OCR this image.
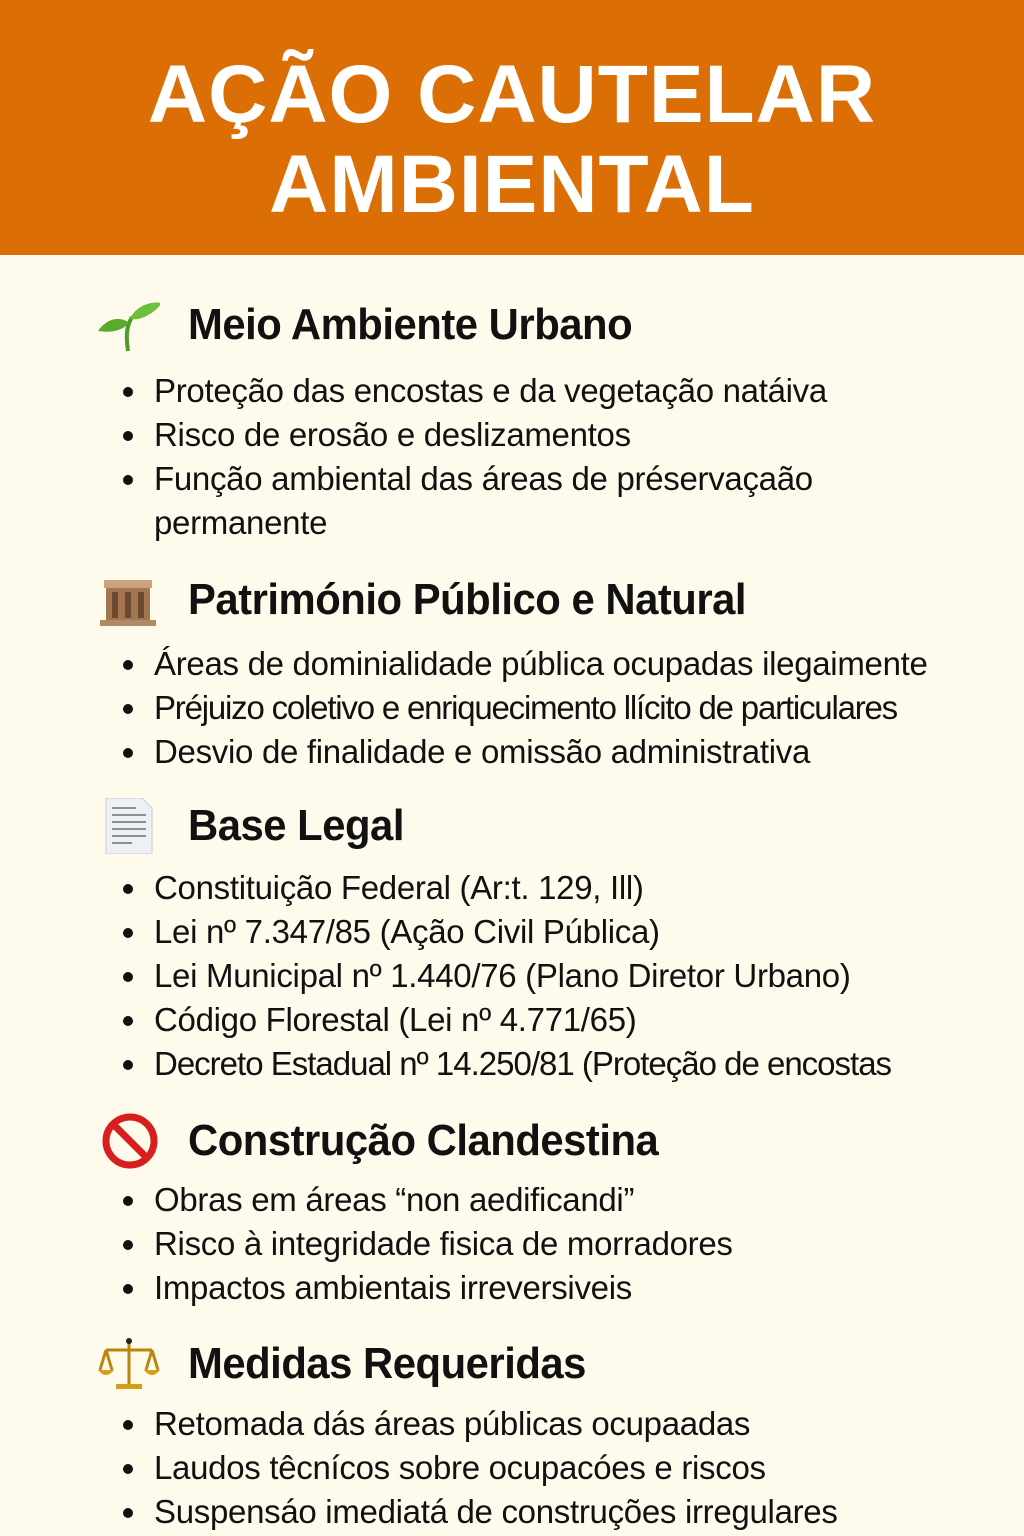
AÇÃO CAUTELAR
AMBIENTAL
Meio Ambiente Urbano
Proteção das encostas e da vegetação natáiva
Risco de erosão e deslizamentos
Função ambiental das áreas de préservaçaão
permanente
Património Público e Natural
Áreas de dominialidade pública ocupadas ilegaimente
Préjuizo coletivo e enriquecimento llícito de particulares
Desvio de finalidade e omissão administrativa
Base Legal
Constituição Federal (Ar:t. 129, Ill)
Lei nº 7.347/85 (Ação Civil Pública)
Lei Municipal nº 1.440/76 (Plano Diretor Urbano)
Código Florestal (Lei nº 4.771/65)
Decreto Estadual nº 14.250/81 (Proteção de encostas
Construção Clandestina
Obras em áreas “non aedificandi”
Risco à integridade fisica de morradores
Impactos ambientais irreversiveis
Medidas Requeridas
Retomada dás áreas públicas ocupaadas
Laudos têcnícos sobre ocupacóes e riscos
Suspensáo imediatá de construções irregulares
